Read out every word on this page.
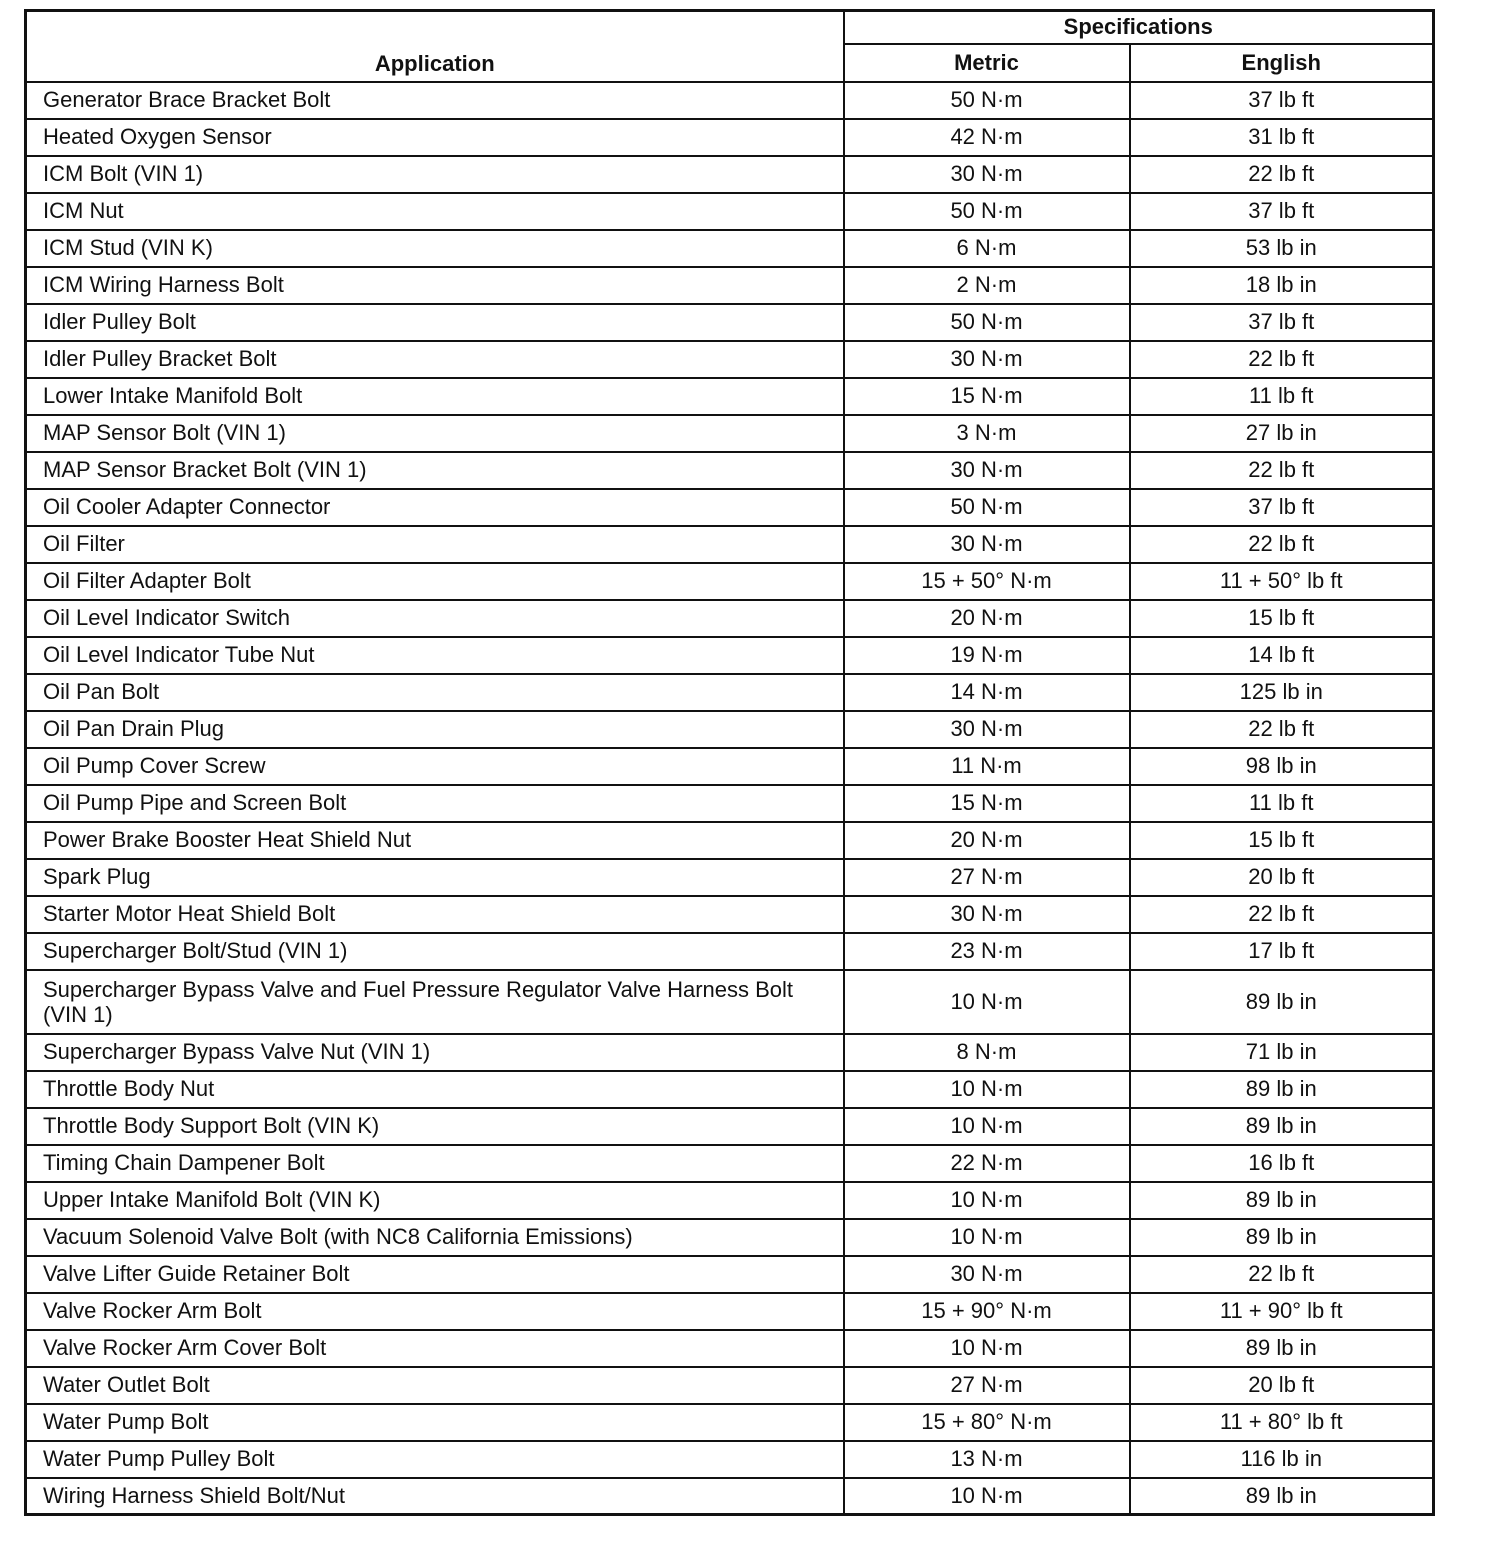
Application	Specifications	
	Metric	English
Generator Brace Bracket Bolt	50 N·m	37 lb ft
Heated Oxygen Sensor	42 N·m	31 lb ft
ICM Bolt (VIN 1)	30 N·m	22 lb ft
ICM Nut	50 N·m	37 lb ft
ICM Stud (VIN K)	6 N·m	53 lb in
ICM Wiring Harness Bolt	2 N·m	18 lb in
Idler Pulley Bolt	50 N·m	37 lb ft
Idler Pulley Bracket Bolt	30 N·m	22 lb ft
Lower Intake Manifold Bolt	15 N·m	11 lb ft
MAP Sensor Bolt (VIN 1)	3 N·m	27 lb in
MAP Sensor Bracket Bolt (VIN 1)	30 N·m	22 lb ft
Oil Cooler Adapter Connector	50 N·m	37 lb ft
Oil Filter	30 N·m	22 lb ft
Oil Filter Adapter Bolt	15 + 50° N·m	11 + 50° lb ft
Oil Level Indicator Switch	20 N·m	15 lb ft
Oil Level Indicator Tube Nut	19 N·m	14 lb ft
Oil Pan Bolt	14 N·m	125 lb in
Oil Pan Drain Plug	30 N·m	22 lb ft
Oil Pump Cover Screw	11 N·m	98 lb in
Oil Pump Pipe and Screen Bolt	15 N·m	11 lb ft
Power Brake Booster Heat Shield Nut	20 N·m	15 lb ft
Spark Plug	27 N·m	20 lb ft
Starter Motor Heat Shield Bolt	30 N·m	22 lb ft
Supercharger Bolt/Stud (VIN 1)	23 N·m	17 lb ft
Supercharger Bypass Valve and Fuel Pressure Regulator Valve Harness Bolt (VIN 1)	10 N·m	89 lb in
Supercharger Bypass Valve Nut (VIN 1)	8 N·m	71 lb in
Throttle Body Nut	10 N·m	89 lb in
Throttle Body Support Bolt (VIN K)	10 N·m	89 lb in
Timing Chain Dampener Bolt	22 N·m	16 lb ft
Upper Intake Manifold Bolt (VIN K)	10 N·m	89 lb in
Vacuum Solenoid Valve Bolt (with NC8 California Emissions)	10 N·m	89 lb in
Valve Lifter Guide Retainer Bolt	30 N·m	22 lb ft
Valve Rocker Arm Bolt	15 + 90° N·m	11 + 90° lb ft
Valve Rocker Arm Cover Bolt	10 N·m	89 lb in
Water Outlet Bolt	27 N·m	20 lb ft
Water Pump Bolt	15 + 80° N·m	11 + 80° lb ft
Water Pump Pulley Bolt	13 N·m	116 lb in
Wiring Harness Shield Bolt/Nut	10 N·m	89 lb in
